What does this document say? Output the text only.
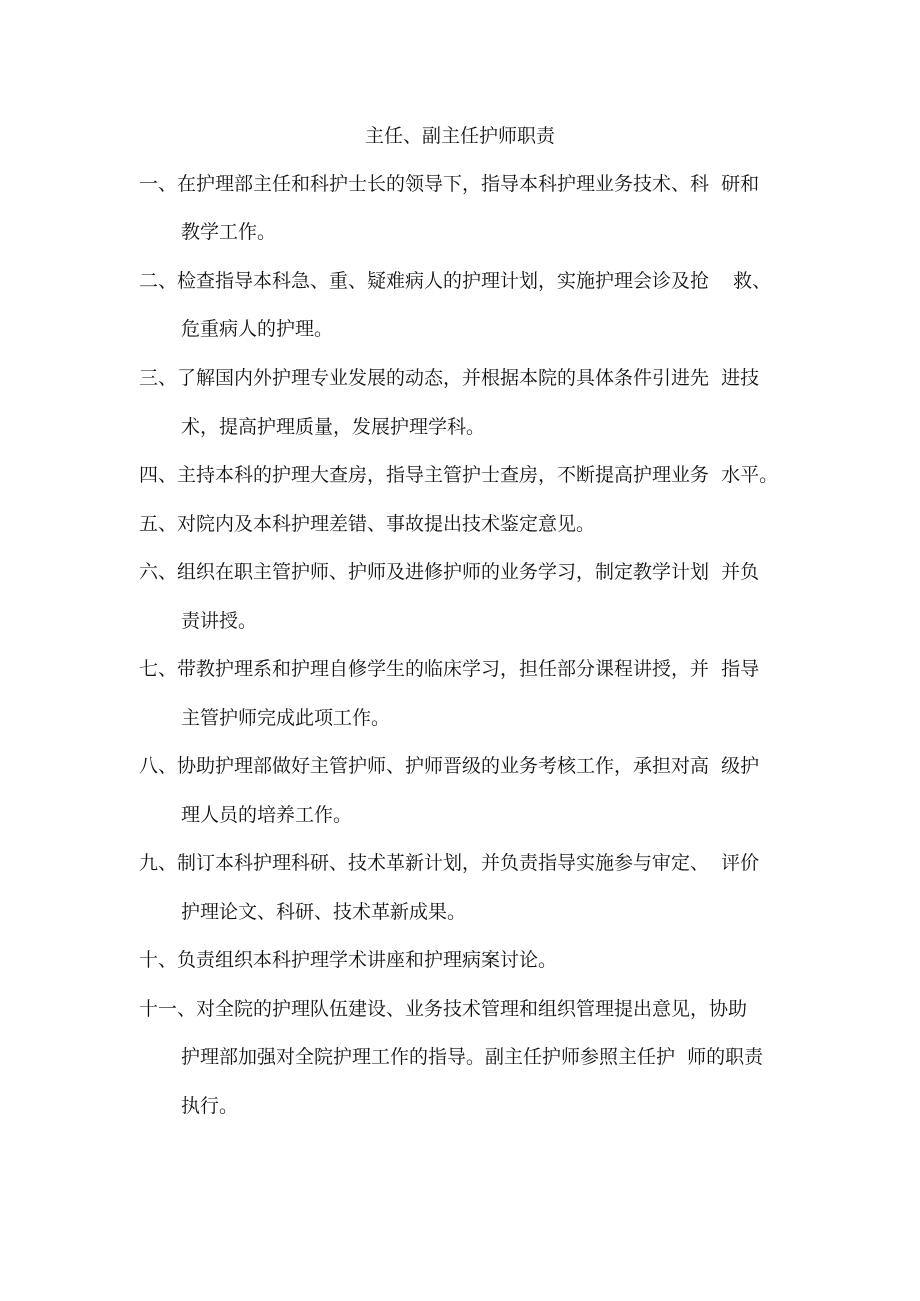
主任、副主任护师职责
一、在护理部主任和科护士长的领导下，指导本科护理业务技术、科  研和
教学工作。
二、检查指导本科急、重、疑难病人的护理计划，实施护理会诊及抢    救、
危重病人的护理。
三、了解国内外护理专业发展的动态，并根据本院的具体条件引进先  进技
术，提高护理质量，发展护理学科。
四、主持本科的护理大查房，指导主管护士查房，不断提高护理业务  水平。
五、对院内及本科护理差错、事故提出技术鉴定意见。
六、组织在职主管护师、护师及进修护师的业务学习，制定教学计划  并负
责讲授。
七、带教护理系和护理自修学生的临床学习，担任部分课程讲授，并  指导
主管护师完成此项工作。
八、协助护理部做好主管护师、护师晋级的业务考核工作，承担对高  级护
理人员的培养工作。
九、制订本科护理科研、技术革新计划，并负责指导实施参与审定、  评价
护理论文、科研、技术革新成果。
十、负责组织本科护理学术讲座和护理病案讨论。
十一、对全院的护理队伍建设、业务技术管理和组织管理提出意见，协助
护理部加强对全院护理工作的指导。副主任护师参照主任护  师的职责
执行。
